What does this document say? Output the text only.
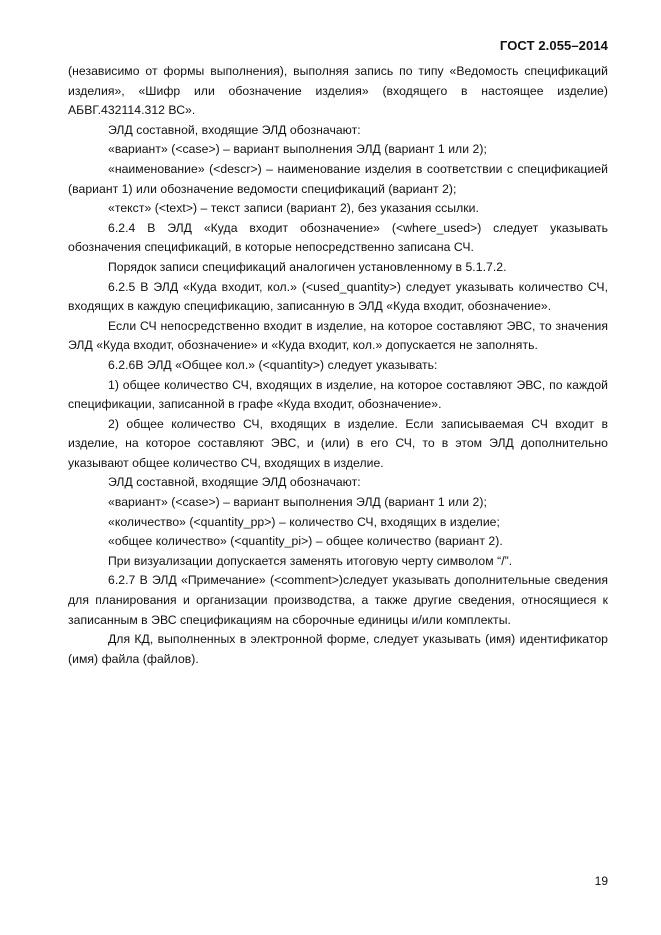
ГОСТ 2.055–2014

(независимо от формы выполнения), выполняя запись по типу «Ведомость спецификаций изделия», «Шифр или обозначение изделия» (входящего в настоящее изделие) АБВГ.432114.312 ВС».

ЭЛД составной, входящие ЭЛД обозначают:

«вариант» (<case>) – вариант выполнения ЭЛД (вариант 1 или 2);

«наименование» (<descr>) – наименование изделия в соответствии с спецификацией (вариант 1) или обозначение ведомости спецификаций (вариант 2);

«текст» (<text>) – текст записи (вариант 2), без указания ссылки.

6.2.4 В ЭЛД «Куда входит обозначение» (<where_used>) следует указывать обозначения спецификаций, в которые непосредственно записана СЧ.

Порядок записи спецификаций аналогичен установленному в 5.1.7.2.

6.2.5 В ЭЛД «Куда входит, кол.» (<used_quantity>) следует указывать количество СЧ, входящих в каждую спецификацию, записанную в ЭЛД «Куда входит, обозначение».

Если СЧ непосредственно входит в изделие, на которое составляют ЭВС, то значения ЭЛД «Куда входит, обозначение» и «Куда входит, кол.» допускается не заполнять.

6.2.6В ЭЛД «Общее кол.» (<quantity>) следует указывать:

1) общее количество СЧ, входящих в изделие, на которое составляют ЭВС, по каждой спецификации, записанной в графе «Куда входит, обозначение».

2) общее количество СЧ, входящих в изделие. Если записываемая СЧ входит в изделие, на которое составляют ЭВС, и (или) в его СЧ, то в этом ЭЛД дополнительно указывают общее количество СЧ, входящих в изделие.

ЭЛД составной, входящие ЭЛД обозначают:

«вариант» (<case>) – вариант выполнения ЭЛД (вариант 1 или 2);

«количество» (<quantity_pp>) – количество СЧ, входящих в изделие;

«общее количество» (<quantity_pi>) – общее количество (вариант 2).

При визуализации допускается заменять итоговую черту символом “/”.

6.2.7 В ЭЛД «Примечание» (<comment>)следует указывать дополнительные сведения для планирования и организации производства, а также другие сведения, относящиеся к записанным в ЭВС спецификациям на сборочные единицы и/или комплекты.

Для КД, выполненных в электронной форме, следует указывать (имя) идентификатор (имя) файла (файлов).

19
